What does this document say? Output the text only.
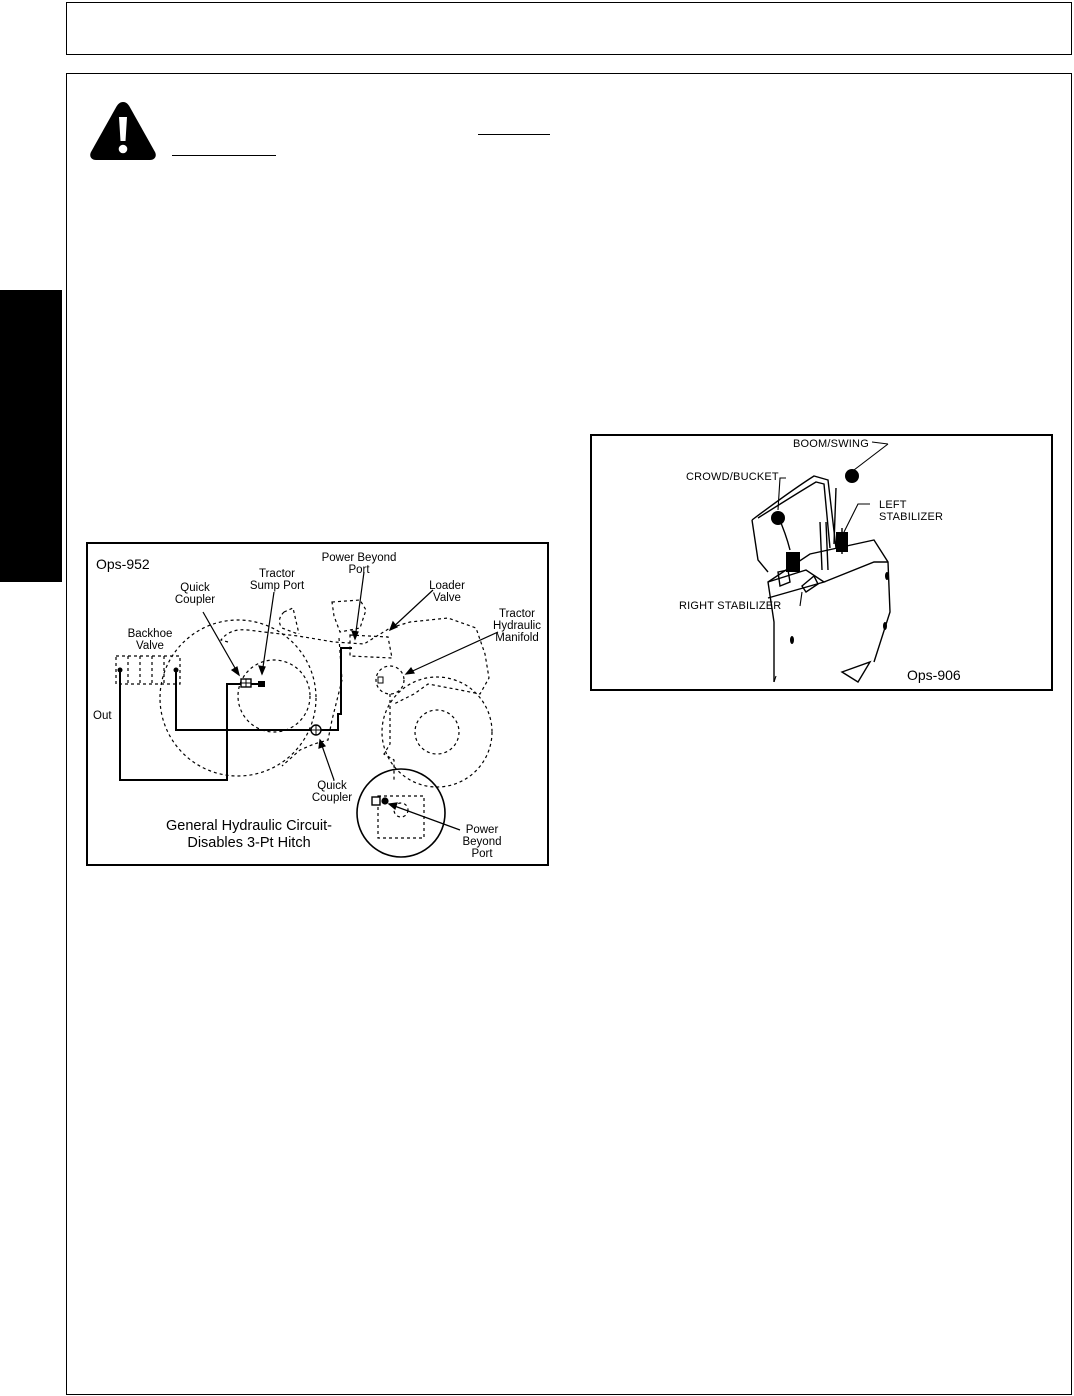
Ops-952
Quick
Coupler
Tractor
Sump Port
Power Beyond
Port
Loader
Valve
Tractor
Hydraulic
Manifold
Backhoe
Valve
Out
Quick
Coupler
Power
Beyond
Port
General Hydraulic Circuit-
Disables 3-Pt Hitch
BOOM/SWING
CROWD/BUCKET
LEFT
STABILIZER
RIGHT STABILIZER
Ops-906
